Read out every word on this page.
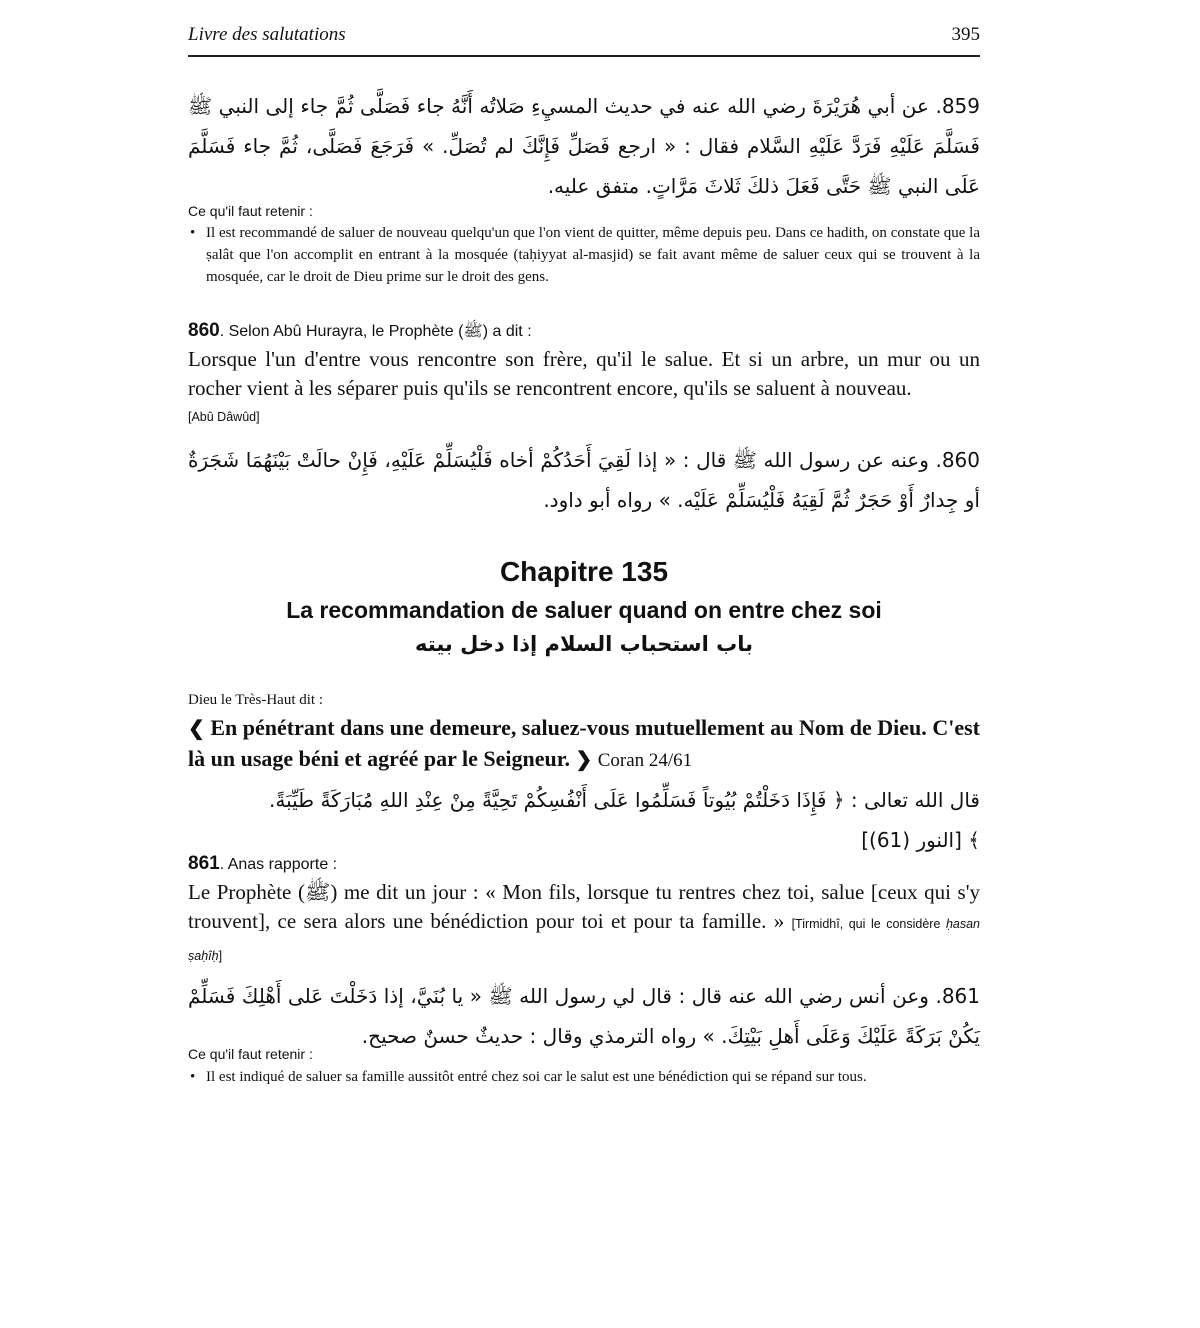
Livre des salutations	395
859. عن أبي هُرَيْرَةَ رضي الله عنه في حديث المسيِءِ صَلاتُه أَنَّهُ جاء فَصَلَّى ثُمَّ جاء إلى النبي ﷺ فَسَلَّمَ عَلَيْهِ فَرَدَّ عَلَيْهِ السَّلام فقال : « ارجع فَصَلِّ فَإِنَّكَ لم تُصَلِّ. » فَرَجَعَ فَصَلَّى، ثُمَّ جاء فَسَلَّمَ عَلَى النبي ﷺ حَتَّى فَعَلَ ذلكَ ثَلاثَ مَرَّاتٍ. متفق عليه.
Ce qu'il faut retenir :
• Il est recommandé de saluer de nouveau quelqu'un que l'on vient de quitter, même depuis peu. Dans ce hadith, on constate que la ṣalât que l'on accomplit en entrant à la mosquée (taḥiyyat al-masjid) se fait avant même de saluer ceux qui se trouvent à la mosquée, car le droit de Dieu prime sur le droit des gens.
860. Selon Abû Hurayra, le Prophète (ﷺ) a dit :
Lorsque l'un d'entre vous rencontre son frère, qu'il le salue. Et si un arbre, un mur ou un rocher vient à les séparer puis qu'ils se rencontrent encore, qu'ils se saluent à nouveau.
[Abû Dâwûd]
860. وعنه عن رسول الله ﷺ قال : « إذا لَقِيَ أَحَدُكُمْ أخاه فَلْيُسَلِّمْ عَلَيْهِ، فَإِنْ حالَتْ بَيْنَهُمَا شَجَرَةٌ أو جِدارٌ أَوْ حَجَرٌ ثُمَّ لَقِيَهُ فَلْيُسَلِّمْ عَلَيْه. » رواه أبو داود.
Chapitre 135
La recommandation de saluer quand on entre chez soi
باب استحباب السلام إذا دخل بيته
Dieu le Très-Haut dit :
❮ En pénétrant dans une demeure, saluez-vous mutuellement au Nom de Dieu. C'est là un usage béni et agréé par le Seigneur. ❯ Coran 24/61
قال الله تعالى : ﴿ فَإِذَا دَخَلْتُمْ بُيُوتاً فَسَلِّمُوا عَلَى أَنْفُسِكُمْ تَحِيَّةً مِنْ عِنْدِ اللهِ مُبَارَكَةً طَيِّبَةً. ﴾ [النور (61)]
861. Anas rapporte :
Le Prophète (ﷺ) me dit un jour : « Mon fils, lorsque tu rentres chez toi, salue [ceux qui s'y trouvent], ce sera alors une bénédiction pour toi et pour ta famille. » [Tirmidhî, qui le considère ḥasan ṣaḥîḥ]
861. وعن أنس رضي الله عنه قال : قال لي رسول الله ﷺ « يا بُنَيَّ، إذا دَخَلْتَ عَلى أَهْلِكَ فَسَلِّمْ يَكُنْ بَرَكَةً عَلَيْكَ وَعَلَى أَهلِ بَيْتِكَ. » رواه الترمذي وقال : حديثٌ حسنٌ صحيح.
Ce qu'il faut retenir :
• Il est indiqué de saluer sa famille aussitôt entré chez soi car le salut est une bénédiction qui se répand sur tous.
